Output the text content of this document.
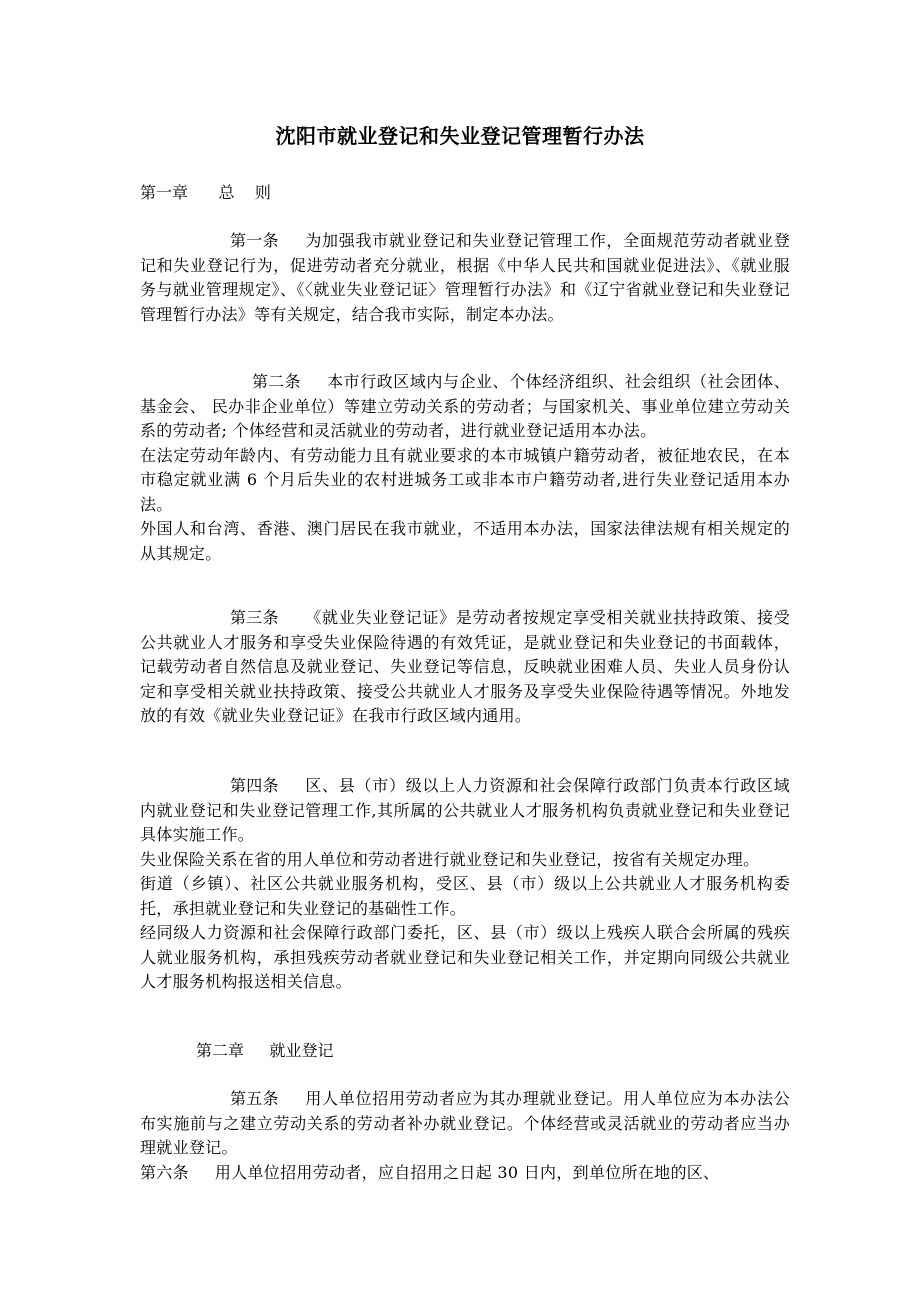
沈阳市就业登记和失业登记管理暂行办法
第一章 总    则

第一条 为加强我市就业登记和失业登记管理工作，全面规范劳动者就业登记和失业登记行为，促进劳动者充分就业，根据《中华人民共和国就业促进法》、《就业服务与就业管理规定》、《〈就业失业登记证〉管理暂行办法》和《辽宁省就业登记和失业登记管理暂行办法》等有关规定，结合我市实际，制定本办法。

第二条 本市行政区域内与企业、个体经济组织、社会组织（社会团体、基金会、 民办非企业单位）等建立劳动关系的劳动者；与国家机关、事业单位建立劳动关系的劳动者; 个体经营和灵活就业的劳动者，进行就业登记适用本办法。

在法定劳动年龄内、有劳动能力且有就业要求的本市城镇户籍劳动者，被征地农民，在本市稳定就业满 6 个月后失业的农村进城务工或非本市户籍劳动者,进行失业登记适用本办法。

外国人和台湾、香港、澳门居民在我市就业，不适用本办法，国家法律法规有相关规定的从其规定。

第三条 《就业失业登记证》是劳动者按规定享受相关就业扶持政策、接受公共就业人才服务和享受失业保险待遇的有效凭证，是就业登记和失业登记的书面载体，记载劳动者自然信息及就业登记、失业登记等信息，反映就业困难人员、失业人员身份认定和享受相关就业扶持政策、接受公共就业人才服务及享受失业保险待遇等情况。外地发放的有效《就业失业登记证》在我市行政区域内通用。

第四条 区、县（市）级以上人力资源和社会保障行政部门负责本行政区域内就业登记和失业登记管理工作,其所属的公共就业人才服务机构负责就业登记和失业登记具体实施工作。

失业保险关系在省的用人单位和劳动者进行就业登记和失业登记，按省有关规定办理。

街道（乡镇）、社区公共就业服务机构，受区、县（市）级以上公共就业人才服务机构委托，承担就业登记和失业登记的基础性工作。

经同级人力资源和社会保障行政部门委托，区、县（市）级以上残疾人联合会所属的残疾人就业服务机构，承担残疾劳动者就业登记和失业登记相关工作，并定期向同级公共就业人才服务机构报送相关信息。

第二章 就业登记

第五条 用人单位招用劳动者应为其办理就业登记。用人单位应为本办法公布实施前与之建立劳动关系的劳动者补办就业登记。个体经营或灵活就业的劳动者应当办理就业登记。

第六条 用人单位招用劳动者，应自招用之日起 30 日内，到单位所在地的区、
